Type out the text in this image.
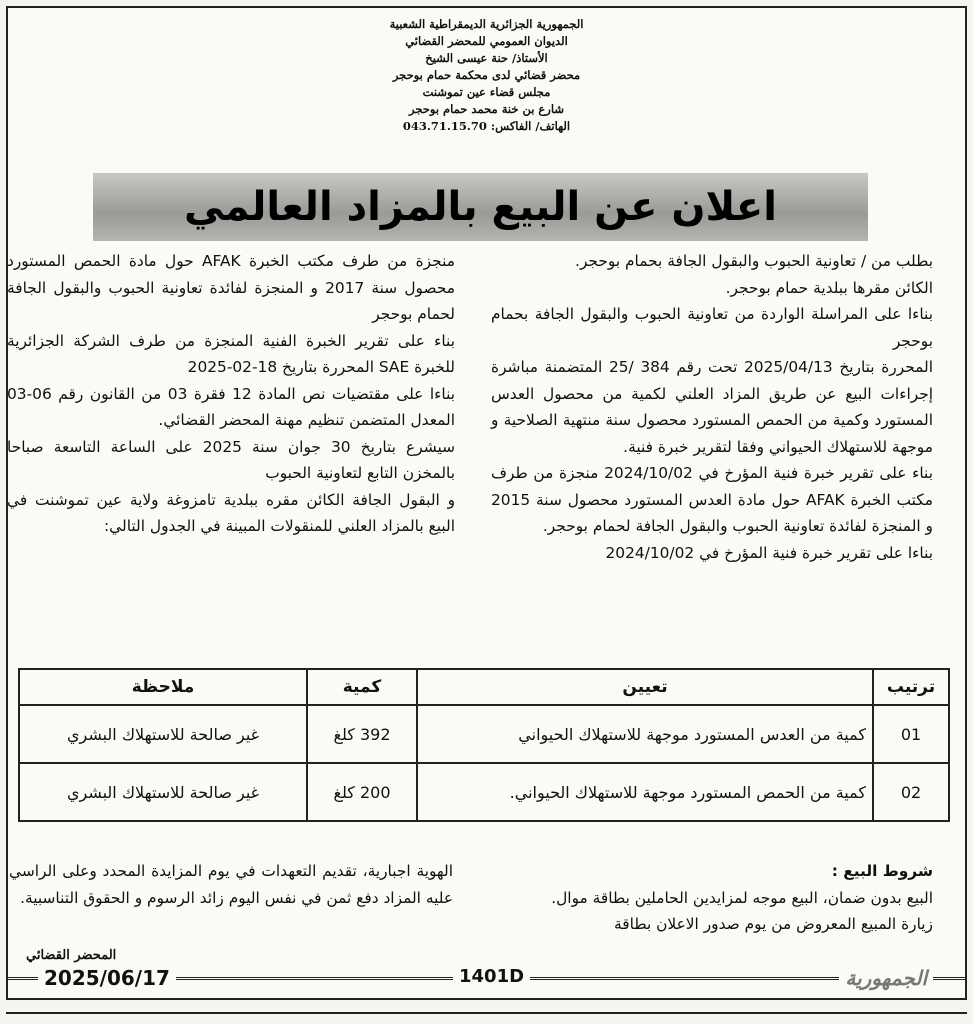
الجمهورية الجزائرية الديمقراطية الشعبية
الديوان العمومي للمحضر القضائي
الأستاذ/ حنة عيسى الشيخ
محضر قضائي لدى محكمة حمام بوحجر
مجلس قضاء عين تموشنت
شارع بن خنة محمد حمام بوحجر
الهاتف/ الفاكس: 043.71.15.70
اعلان عن البيع بالمزاد العالمي

بطلب من / تعاونية الحبوب والبقول الجافة بحمام بوحجر.

الكائن مقرها ببلدية حمام بوحجر.

بناءا على المراسلة الواردة من تعاونية الحبوب والبقول الجافة بحمام بوحجر

المحررة بتاريخ 2025/04/13 تحت رقم 384 /25 المتضمنة مباشرة إجراءات البيع عن طريق المزاد العلني لكمية من محصول العدس المستورد وكمية من الحمص المستورد محصول سنة منتهية الصلاحية و موجهة للاستهلاك الحيواني وفقا لتقرير خبرة فنية.

بناء على تقرير خبرة فنية المؤرخ في 2024/10/02 منجزة من طرف مكتب الخبرة AFAK حول مادة العدس المستورد محصول سنة 2015 و المنجزة لفائدة تعاونية الحبوب والبقول الجافة لحمام بوحجر.

بناءا على تقرير خبرة فنية المؤرخ في 2024/10/02

منجزة من طرف مكتب الخبرة AFAK حول مادة الحمص المستورد محصول سنة 2017 و المنجزة لفائدة تعاونية الحبوب والبقول الجافة لحمام بوحجر

بناء على تقرير الخبرة الفنية المنجزة من طرف الشركة الجزائرية للخبرة SAE المحررة بتاريخ 18-02-2025

بناءا على مقتضيات نص المادة 12 فقرة 03 من القانون رقم 06-03 المعدل المتضمن تنظيم مهنة المحضر القضائي.

سيشرع بتاريخ 30 جوان سنة 2025 على الساعة التاسعة صباحا بالمخزن التابع لتعاونية الحبوب

و البقول الجافة الكائن مقره ببلدية تامزوغة ولاية عين تموشنت في البيع بالمزاد العلني للمنقولات المبينة في الجدول التالي:

ترتيب	تعيين	كمية	ملاحظة
01	كمية من العدس المستورد موجهة للاستهلاك الحيواني	392 كلغ	غير صالحة للاستهلاك البشري
02	كمية من الحمص المستورد موجهة للاستهلاك الحيواني.	200 كلغ	غير صالحة للاستهلاك البشري

شروط البيع :

البيع بدون ضمان، البيع موجه لمزايدين الحاملين بطاقة موال.

زيارة المبيع المعروض من يوم صدور الاعلان بطاقة

الهوية اجبارية، تقديم التعهدات في يوم المزايدة المحدد وعلى الراسي عليه المزاد دفع ثمن في نفس اليوم زائد الرسوم و الحقوق التناسبية.

المحضر القضائي
2025/06/17	1401D	الجمهورية
